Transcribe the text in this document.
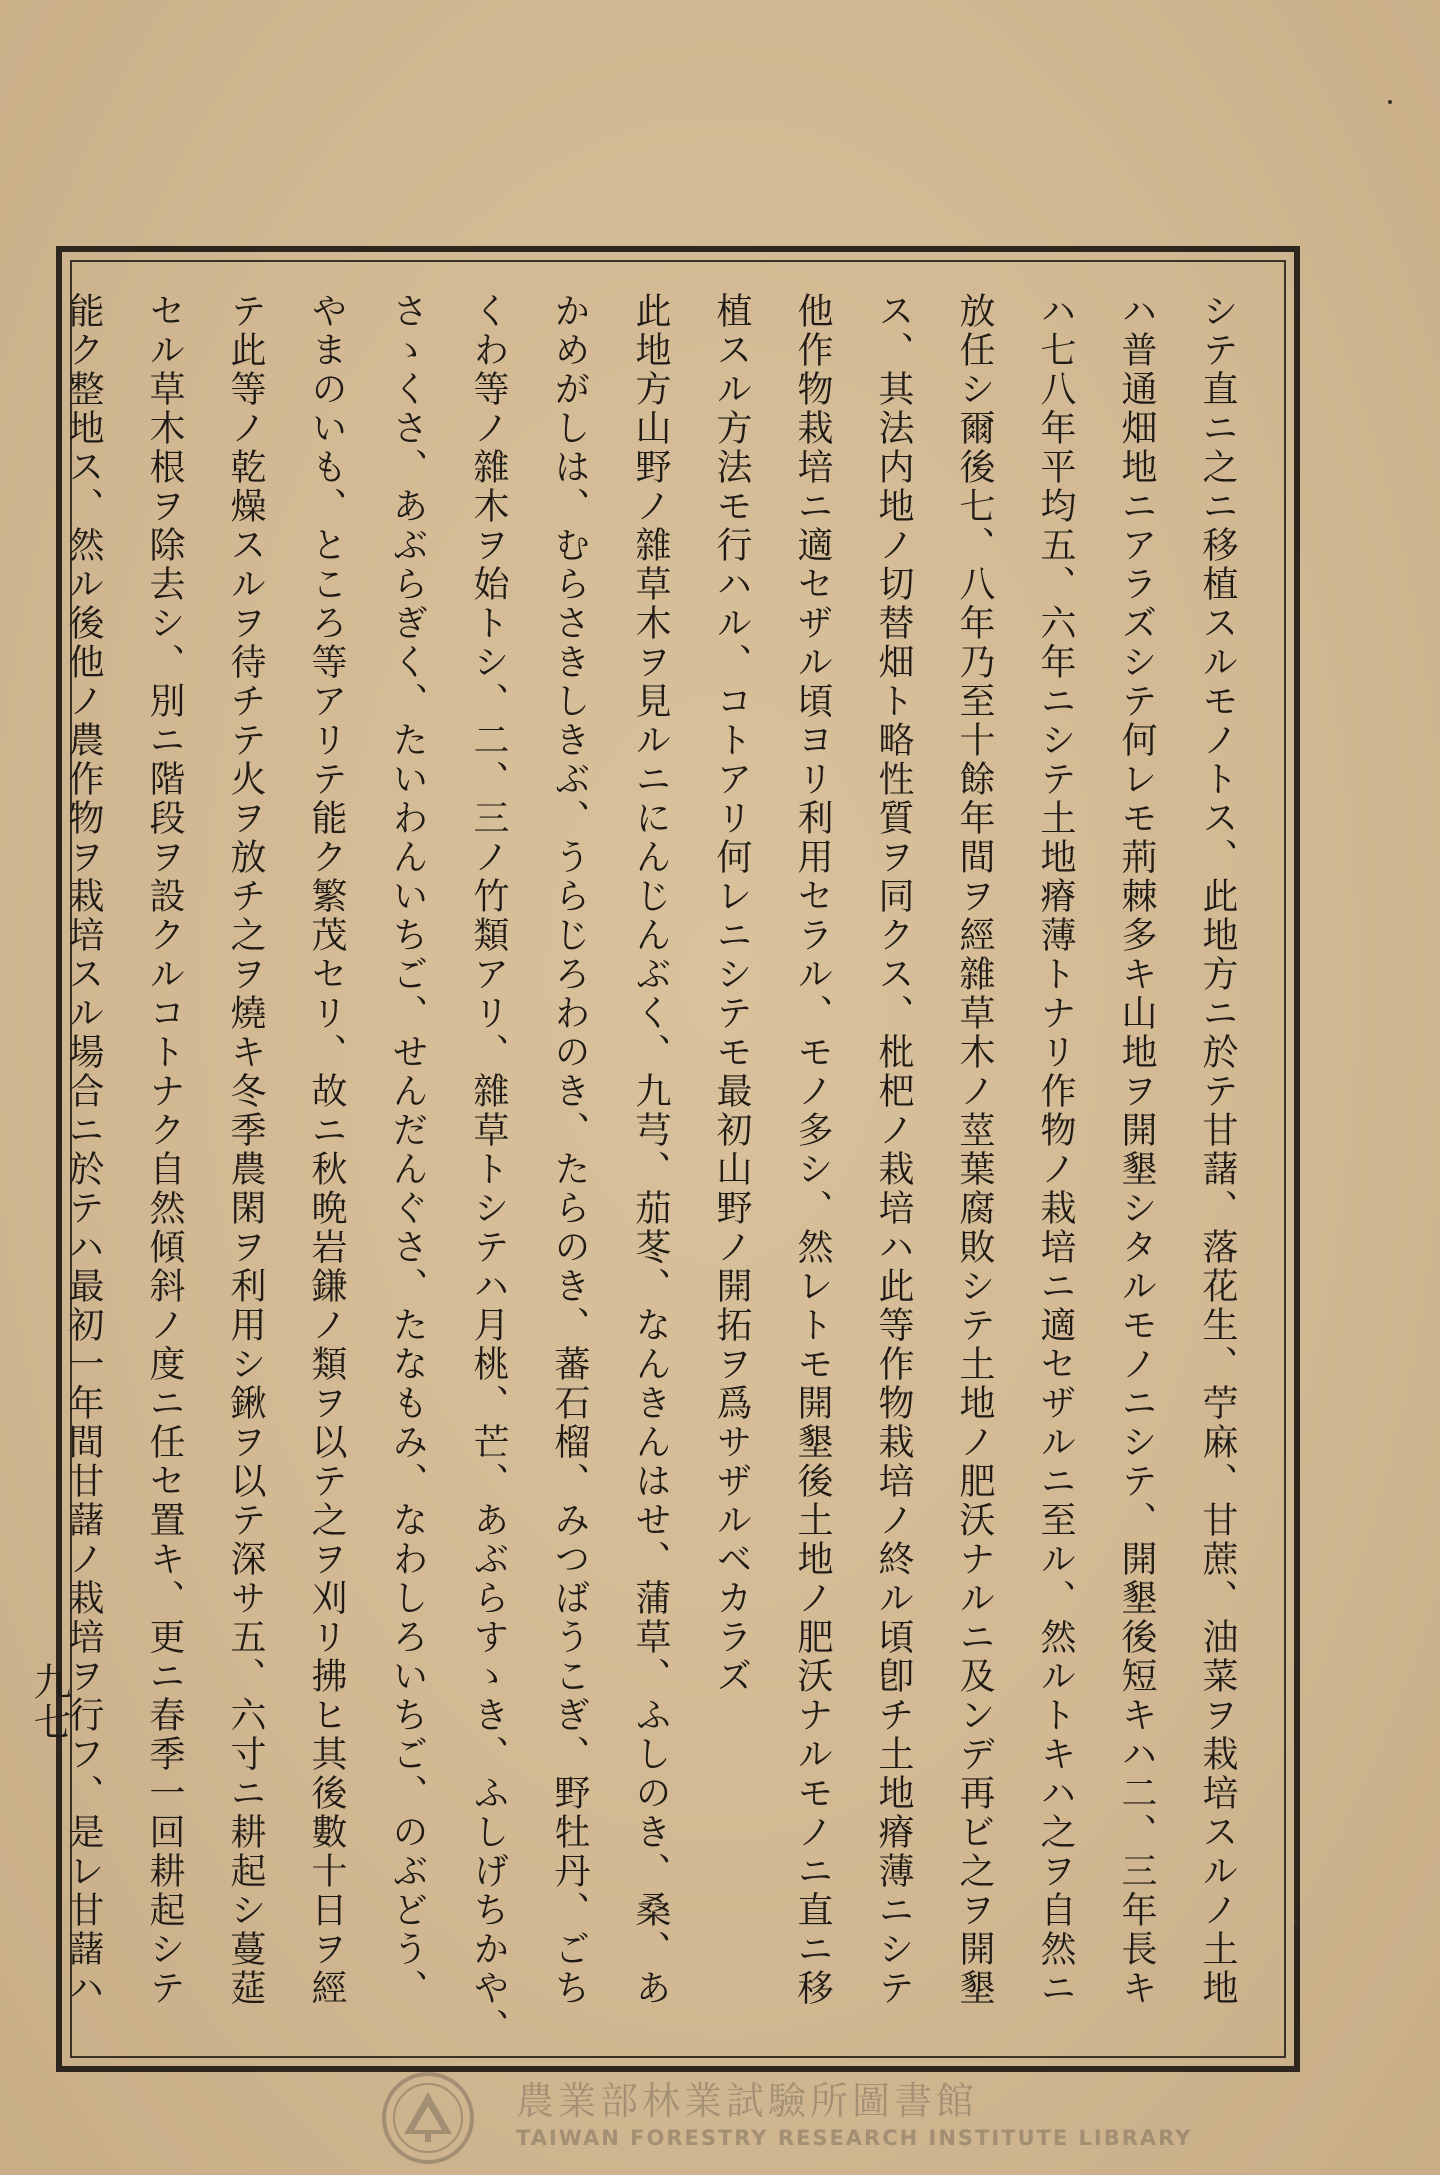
シテ直ニ之ニ移植スルモノトス、此地方ニ於テ甘藷、落花生、苧麻、甘蔗、油菜ヲ栽培スルノ土地
ハ普通畑地ニアラズシテ何レモ荊棘多キ山地ヲ開墾シタルモノニシテ、開墾後短キハ二、三年長キ
ハ七八年平均五、六年ニシテ土地瘠薄トナリ作物ノ栽培ニ適セザルニ至ル、然ルトキハ之ヲ自然ニ
放任シ爾後七、八年乃至十餘年間ヲ經雜草木ノ莖葉腐敗シテ土地ノ肥沃ナルニ及ンデ再ビ之ヲ開墾
ス、其法内地ノ切替畑ト略性質ヲ同クス、枇杷ノ栽培ハ此等作物栽培ノ終ル頃卽チ土地瘠薄ニシテ
他作物栽培ニ適セザル頃ヨリ利用セラル、モノ多シ、然レトモ開墾後土地ノ肥沃ナルモノニ直ニ移
植スル方法モ行ハル、コトアリ何レニシテモ最初山野ノ開拓ヲ爲サザルベカラズ
此地方山野ノ雜草木ヲ見ルニにんじんぶく、九芎、茄苳、なんきんはせ、蒲草、ふしのき、桑、あ
かめがしは、むらさきしきぶ、うらじろわのき、たらのき、蕃石榴、みつばうこぎ、野牡丹、ごち
くわ等ノ雜木ヲ始トシ、二、三ノ竹類アリ、雜草トシテハ月桃、芒、あぶらすゝき、ふしげちかや、
さゝくさ、あぶらぎく、たいわんいちご、せんだんぐさ、たなもみ、なわしろいちご、のぶどう、
やまのいも、ところ等アリテ能ク繁茂セリ、故ニ秋晩岩鎌ノ類ヲ以テ之ヲ刈リ拂ヒ其後數十日ヲ經
テ此等ノ乾燥スルヲ待チテ火ヲ放チ之ヲ燒キ冬季農閑ヲ利用シ鍬ヲ以テ深サ五、六寸ニ耕起シ蔓莚
セル草木根ヲ除去シ、別ニ階段ヲ設クルコトナク自然傾斜ノ度ニ任セ置キ、更ニ春季一回耕起シテ
能ク整地ス、然ル後他ノ農作物ヲ栽培スル場合ニ於テハ最初一年間甘藷ノ栽培ヲ行フ、是レ甘藷ハ
九七
農業部林業試驗所圖書館
TAIWAN FORESTRY RESEARCH INSTITUTE LIBRARY
